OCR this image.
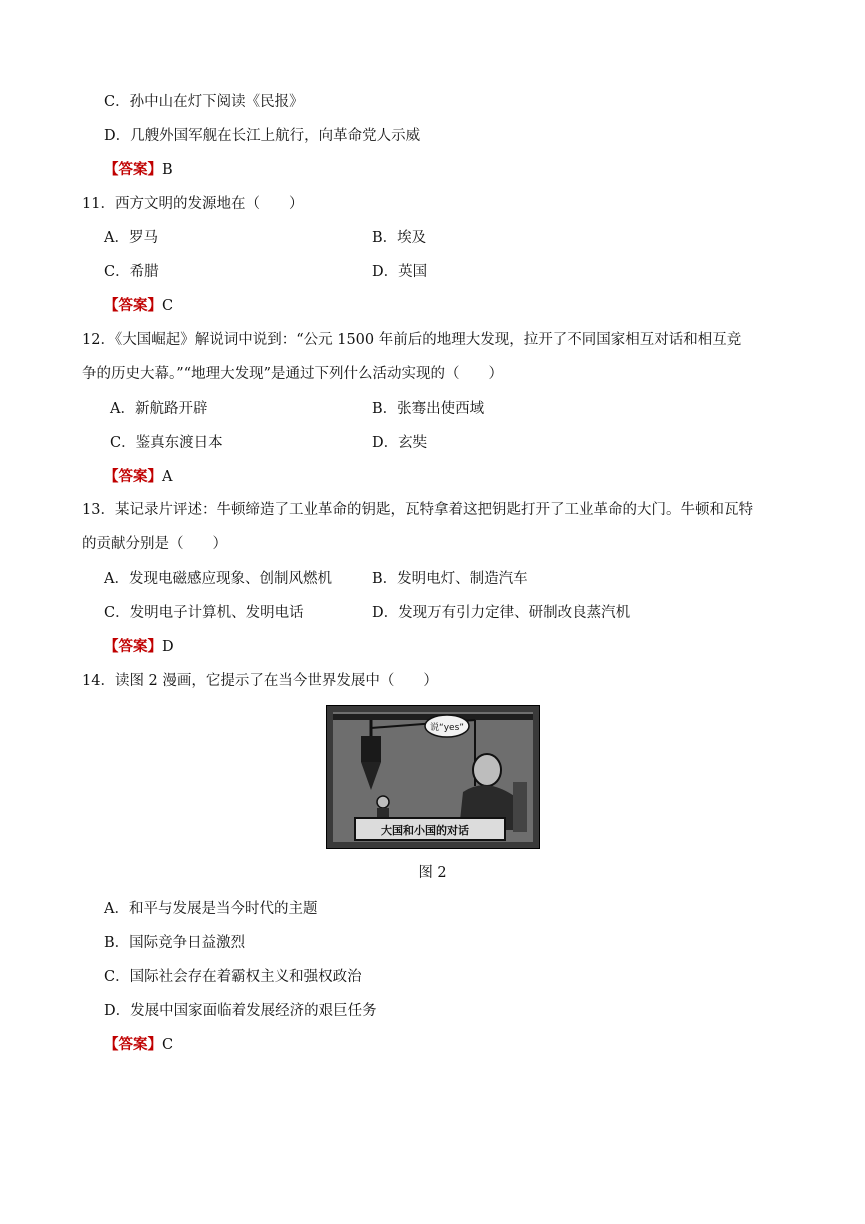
C．孙中山在灯下阅读《民报》
D．几艘外国军舰在长江上航行，向革命党人示威
【答案】B
11．西方文明的发源地在（　　）
A．罗马	B．埃及
C．希腊	D．英国
【答案】C
12．《大国崛起》解说词中说到：“公元 1500 年前后的地理大发现，拉开了不同国家相互对话和相互竞
争的历史大幕。”“地理大发现”是通过下列什么活动实现的（　　）
A．新航路开辟	B．张骞出使西域
C．鉴真东渡日本	D．玄奘
【答案】A
13．某记录片评述：牛顿缔造了工业革命的钥匙，瓦特拿着这把钥匙打开了工业革命的大门。牛顿和瓦特
的贡献分别是（　　）
A．发现电磁感应现象、创制风燃机	B．发明电灯、制造汽车
C．发明电子计算机、发明电话	D．发现万有引力定律、研制改良蒸汽机
【答案】D
14．读图 2 漫画，它提示了在当今世界发展中（　　）
说“yes”
大国和小国的对话
图 2
A．和平与发展是当今时代的主题
B．国际竞争日益激烈
C．国际社会存在着霸权主义和强权政治
D．发展中国家面临着发展经济的艰巨任务
【答案】C
